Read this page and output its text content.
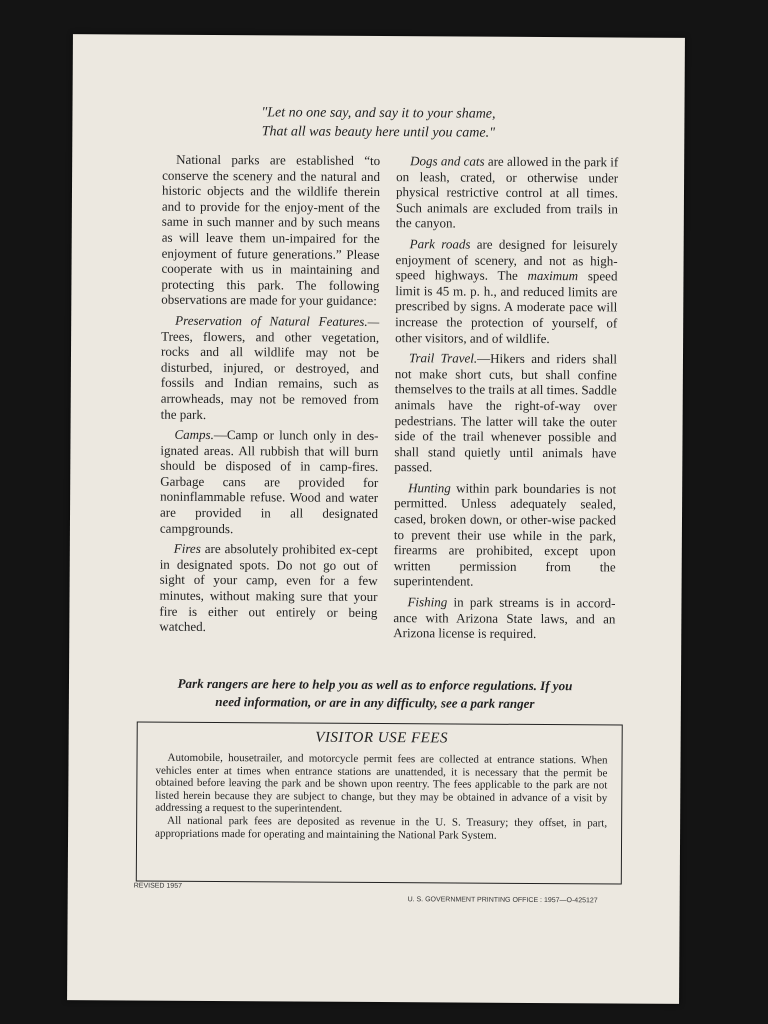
"Let no one say, and say it to your shame,
That all was beauty here until you came."

National parks are established “to conserve the scenery and the natural and historic objects and the wildlife therein and to provide for the enjoy-ment of the same in such manner and by such means as will leave them un-impaired for the enjoyment of future generations.” Please cooperate with us in maintaining and protecting this park. The following observations are made for your guidance:

Preservation of Natural Features.— Trees, flowers, and other vegetation, rocks and all wildlife may not be disturbed, injured, or destroyed, and fossils and Indian remains, such as arrowheads, may not be removed from the park.

Camps.—Camp or lunch only in des-ignated areas. All rubbish that will burn should be disposed of in camp-fires. Garbage cans are provided for noninflammable refuse. Wood and water are provided in all designated campgrounds.

Fires are absolutely prohibited ex-cept in designated spots. Do not go out of sight of your camp, even for a few minutes, without making sure that your fire is either out entirely or being watched.

Dogs and cats are allowed in the park if on leash, crated, or otherwise under physical restrictive control at all times. Such animals are excluded from trails in the canyon.

Park roads are designed for leisurely enjoyment of scenery, and not as high-speed highways. The maximum speed limit is 45 m. p. h., and reduced limits are prescribed by signs. A moderate pace will increase the protection of yourself, of other visitors, and of wildlife.

Trail Travel.—Hikers and riders shall not make short cuts, but shall confine themselves to the trails at all times. Saddle animals have the right-of-way over pedestrians. The latter will take the outer side of the trail whenever possible and shall stand quietly until animals have passed.

Hunting within park boundaries is not permitted. Unless adequately sealed, cased, broken down, or other-wise packed to prevent their use while in the park, firearms are prohibited, except upon written permission from the superintendent.

Fishing in park streams is in accord-ance with Arizona State laws, and an Arizona license is required.

Park rangers are here to help you as well as to enforce regulations. If you
need information, or are in any difficulty, see a park ranger
VISITOR USE FEES

Automobile, housetrailer, and motorcycle permit fees are collected at entrance stations. When vehicles enter at times when entrance stations are unattended, it is necessary that the permit be obtained before leaving the park and be shown upon reentry. The fees applicable to the park are not listed herein because they are subject to change, but they may be obtained in advance of a visit by addressing a request to the superintendent.

All national park fees are deposited as revenue in the U. S. Treasury; they offset, in part, appropriations made for operating and maintaining the National Park System.

REVISED 1957
U. S. GOVERNMENT PRINTING OFFICE : 1957—O-425127
